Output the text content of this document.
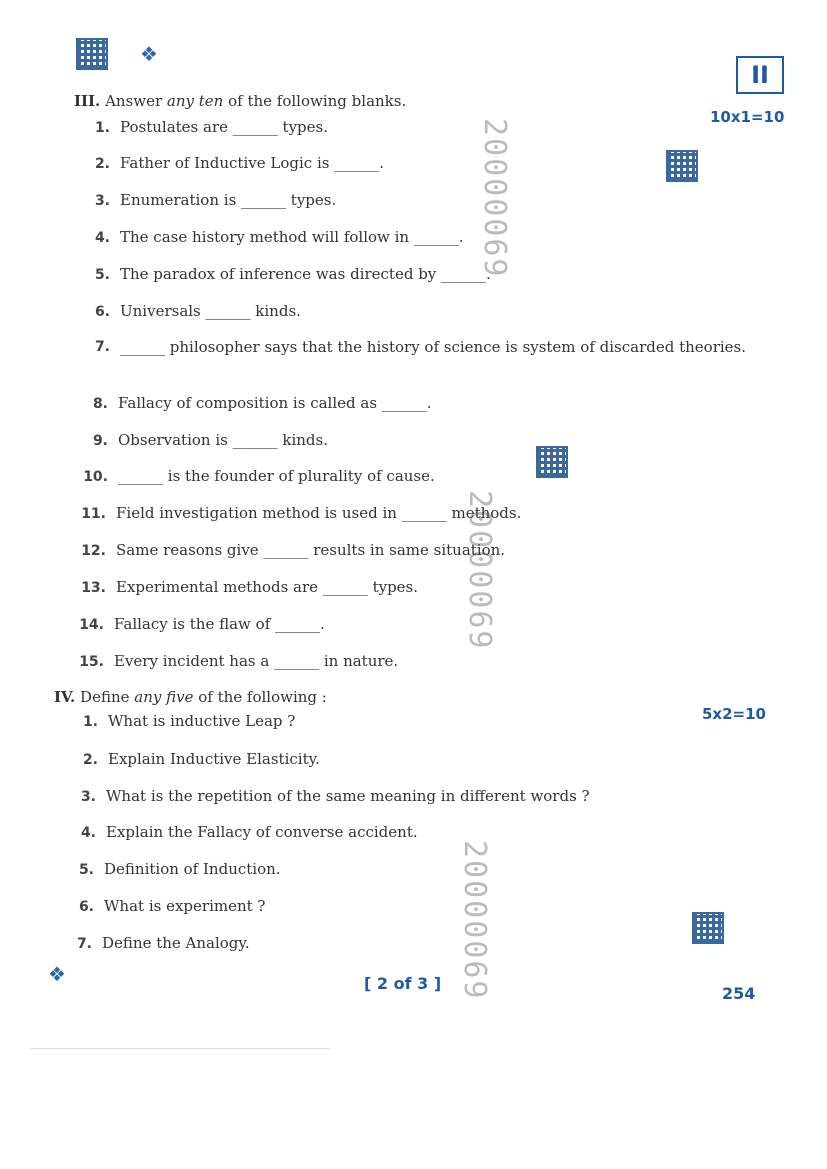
❖
II
❖
20000069
20000069
20000069
III. Answer any ten of the following blanks.
10x1=10
1. Postulates are ______ types.
2. Father of Inductive Logic is ______.
3. Enumeration is ______ types.
4. The case history method will follow in ______.
5. The paradox of inference was directed by ______.
6. Universals ______ kinds.
7. ______ philosopher says that the history of science is system of discarded theories.
8. Fallacy of composition is called as ______.
9. Observation is ______ kinds.
10. ______ is the founder of plurality of cause.
11. Field investigation method is used in ______ methods.
12. Same reasons give ______ results in same situation.
13. Experimental methods are ______ types.
14. Fallacy is the flaw of ______.
15. Every incident has a ______ in nature.
IV. Define any five of the following :
5x2=10
1. What is inductive Leap ?
2. Explain Inductive Elasticity.
3. What is the repetition of the same meaning in different words ?
4. Explain the Fallacy of converse accident.
5. Definition of Induction.
6. What is experiment ?
7. Define the Analogy.
[ 2 of 3 ]
254
